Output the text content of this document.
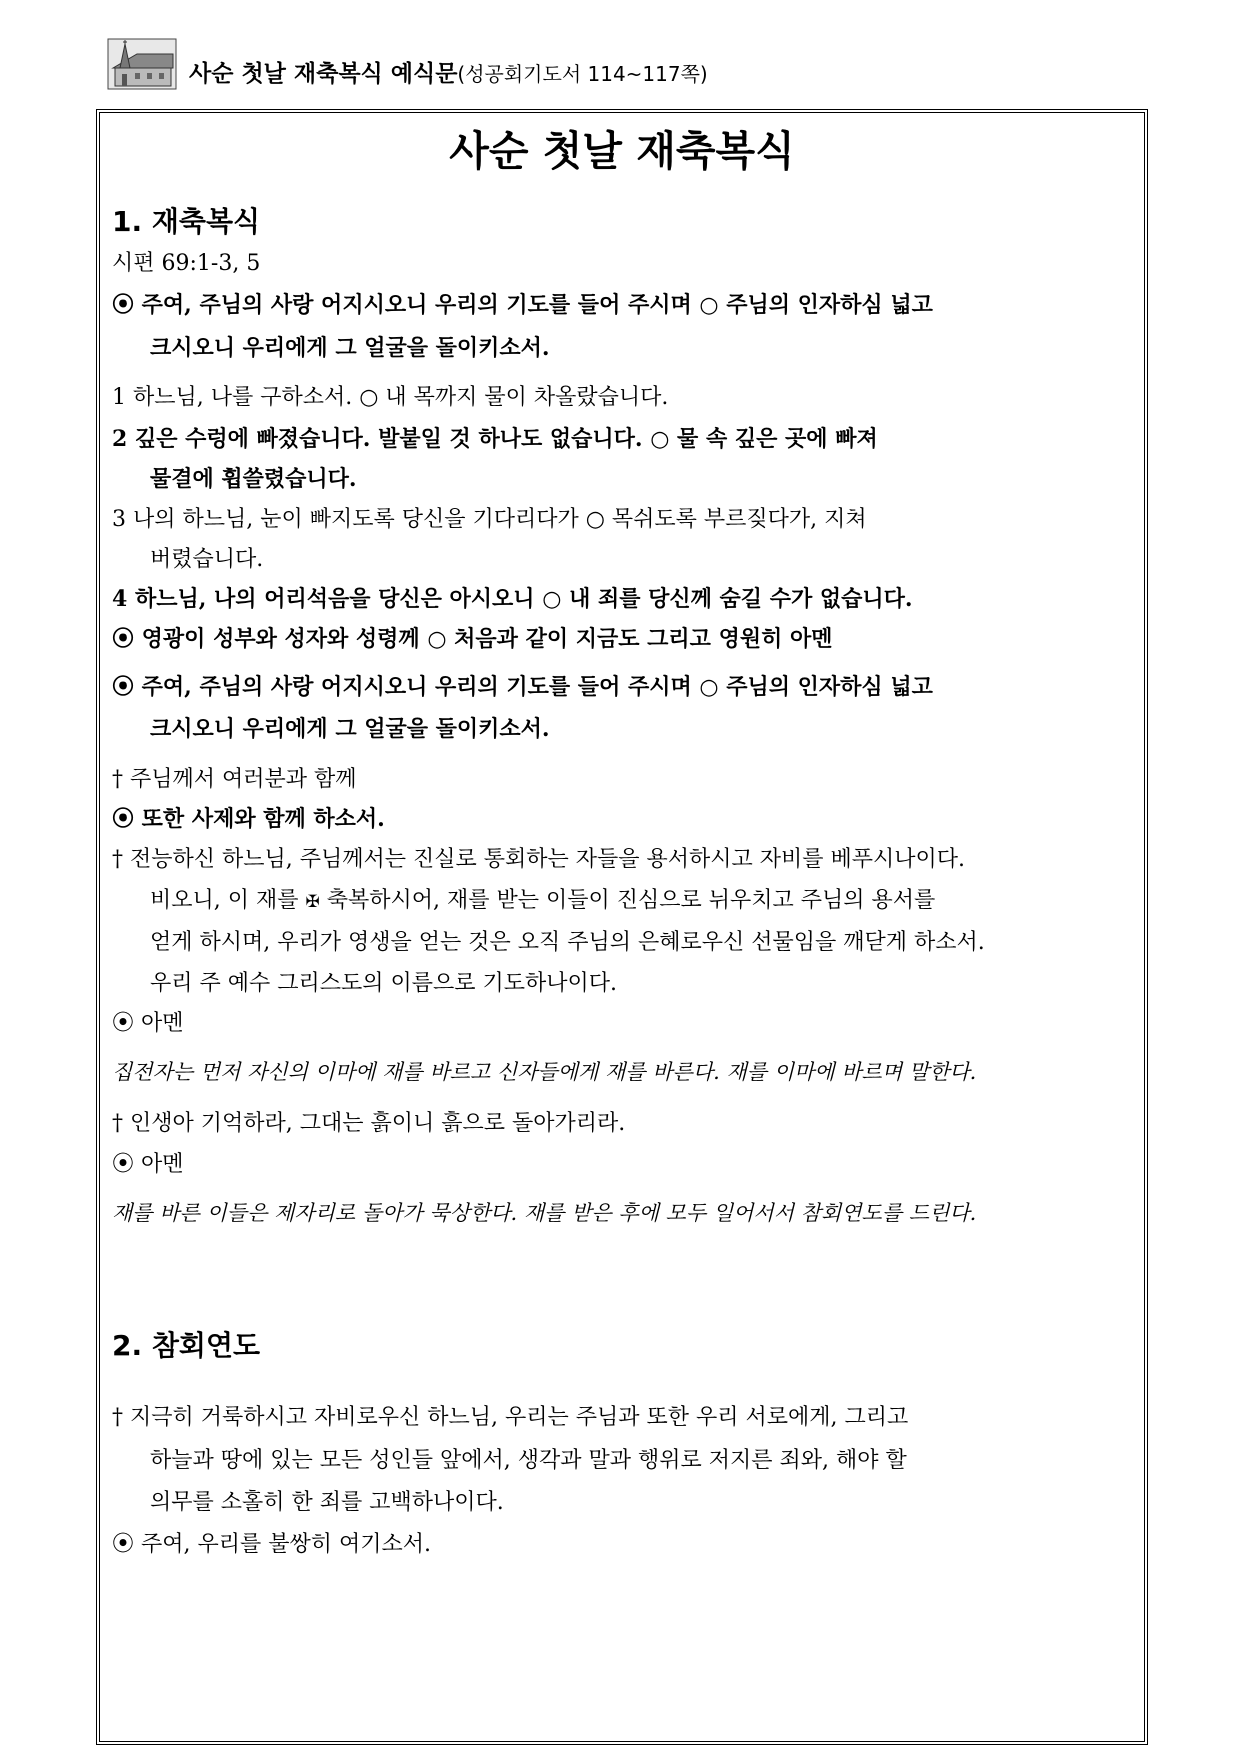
사순 첫날 재축복식 예식문(성공회기도서 114~117쪽)
사순 첫날 재축복식
1. 재축복식
시편 69:1-3, 5
⦿ 주여, 주님의 사랑 어지시오니 우리의 기도를 들어 주시며 ○ 주님의 인자하심 넓고
크시오니 우리에게 그 얼굴을 돌이키소서.
1 하느님, 나를 구하소서. ○ 내 목까지 물이 차올랐습니다.
2 깊은 수렁에 빠졌습니다. 발붙일 것 하나도 없습니다. ○ 물 속 깊은 곳에 빠져
물결에 휩쓸렸습니다.
3 나의 하느님, 눈이 빠지도록 당신을 기다리다가 ○ 목쉬도록 부르짖다가, 지쳐
버렸습니다.
4 하느님, 나의 어리석음을 당신은 아시오니 ○ 내 죄를 당신께 숨길 수가 없습니다.
⦿ 영광이 성부와 성자와 성령께 ○ 처음과 같이 지금도 그리고 영원히 아멘
⦿ 주여, 주님의 사랑 어지시오니 우리의 기도를 들어 주시며 ○ 주님의 인자하심 넓고
크시오니 우리에게 그 얼굴을 돌이키소서.
† 주님께서 여러분과 함께
⦿ 또한 사제와 함께 하소서.
† 전능하신 하느님, 주님께서는 진실로 통회하는 자들을 용서하시고 자비를 베푸시나이다.
비오니, 이 재를 ✠ 축복하시어, 재를 받는 이들이 진심으로 뉘우치고 주님의 용서를
얻게 하시며, 우리가 영생을 얻는 것은 오직 주님의 은혜로우신 선물임을 깨닫게 하소서.
우리 주 예수 그리스도의 이름으로 기도하나이다.
⦿ 아멘
집전자는 먼저 자신의 이마에 재를 바르고 신자들에게 재를 바른다. 재를 이마에 바르며 말한다.
† 인생아 기억하라, 그대는 흙이니 흙으로 돌아가리라.
⦿ 아멘
재를 바른 이들은 제자리로 돌아가 묵상한다. 재를 받은 후에 모두 일어서서 참회연도를 드린다.
2. 참회연도
† 지극히 거룩하시고 자비로우신 하느님, 우리는 주님과 또한 우리 서로에게, 그리고
하늘과 땅에 있는 모든 성인들 앞에서, 생각과 말과 행위로 저지른 죄와, 해야 할
의무를 소홀히 한 죄를 고백하나이다.
⦿ 주여, 우리를 불쌍히 여기소서.
